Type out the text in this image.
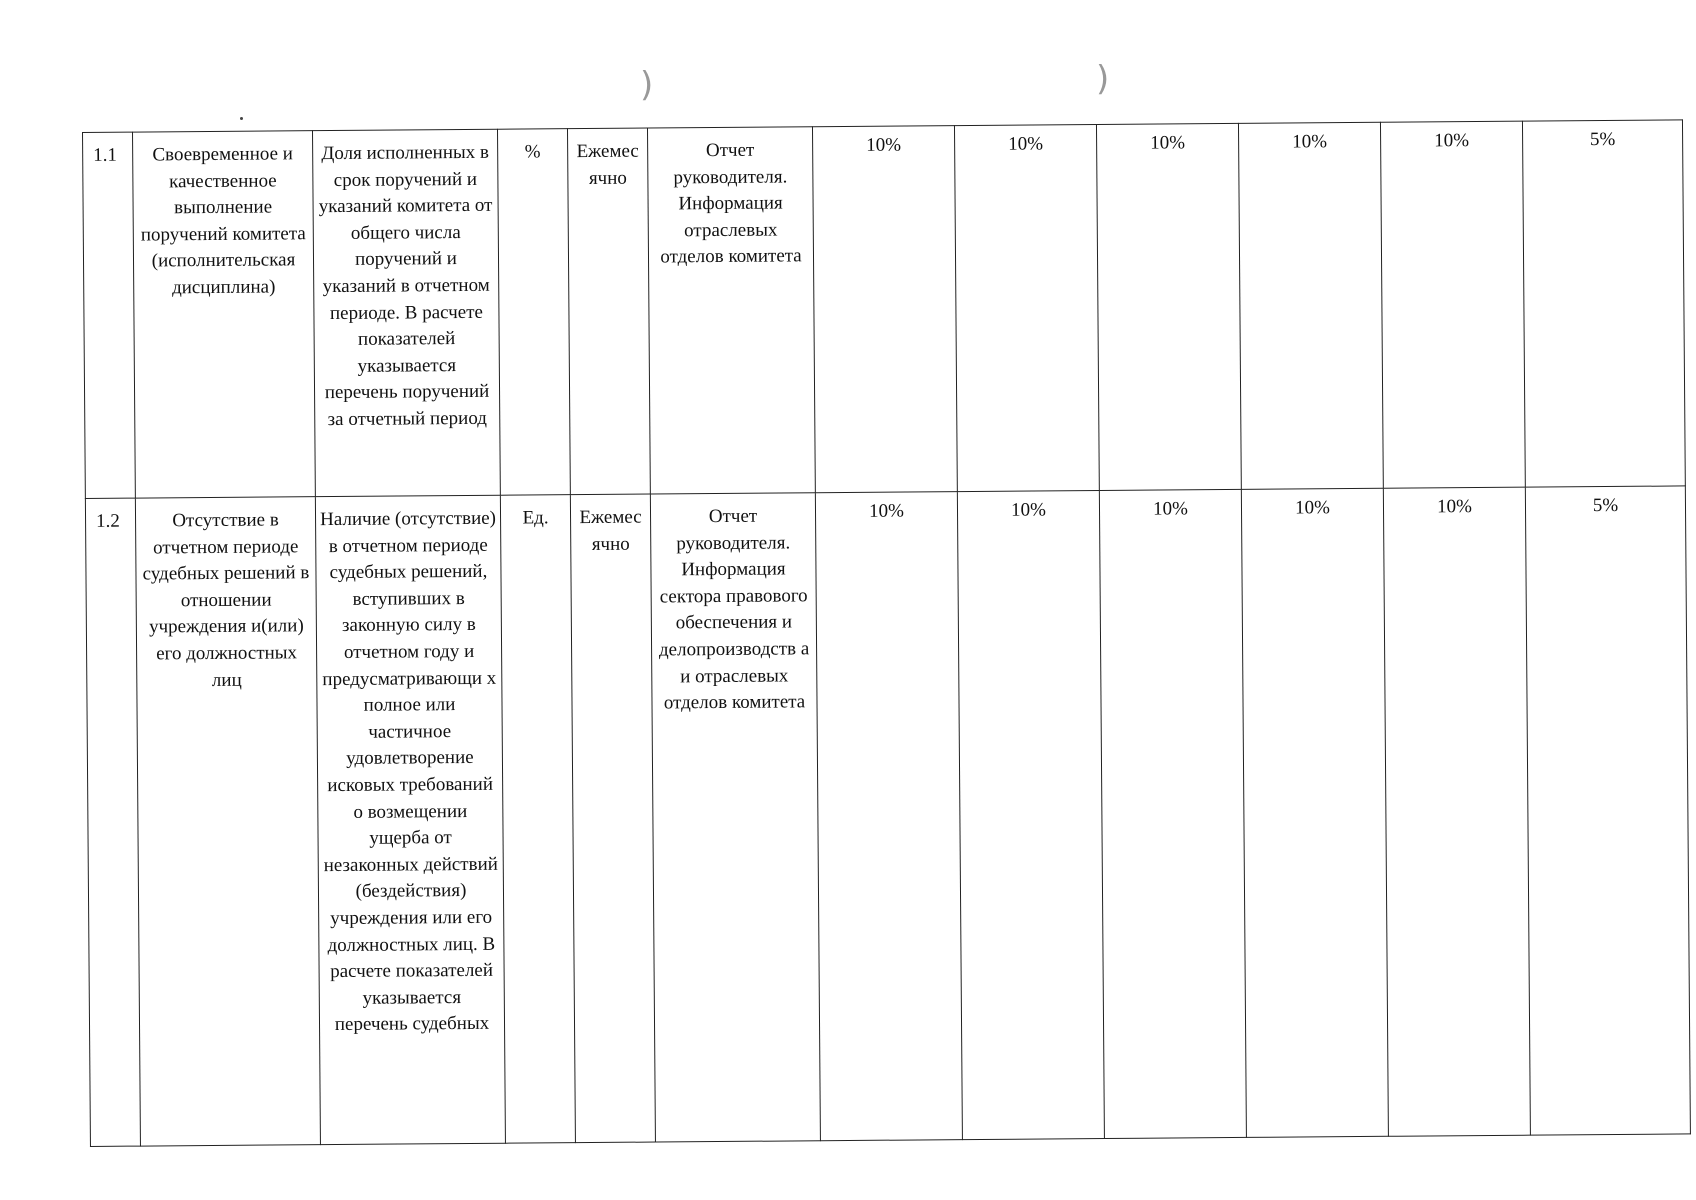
)	)
1.1	Своевременное и качественное выполнение поручений комитета (исполнительская дисциплина)	Доля исполненных в срок поручений и указаний комитета от общего числа поручений и указаний в отчетном периоде. В расчете показателей указывается перечень поручений за отчетный период	%	Ежемес ячно	Отчет руководителя. Информация отраслевых отделов комитета	10%	10%	10%	10%	10%	5%
1.2	Отсутствие в отчетном периоде судебных решений в отношении учреждения и(или) его должностных лиц	Наличие (отсутствие) в отчетном периоде судебных решений, вступивших в законную силу в отчетном году и предусматривающи х полное или частичное удовлетворение исковых требований о возмещении ущерба от незаконных действий (бездействия) учреждения или его должностных лиц. В расчете показателей указывается перечень судебных	Ед.	Ежемес ячно	Отчет руководителя. Информация сектора правового обеспечения и делопроизводств а и отраслевых отделов комитета	10%	10%	10%	10%	10%	5%
